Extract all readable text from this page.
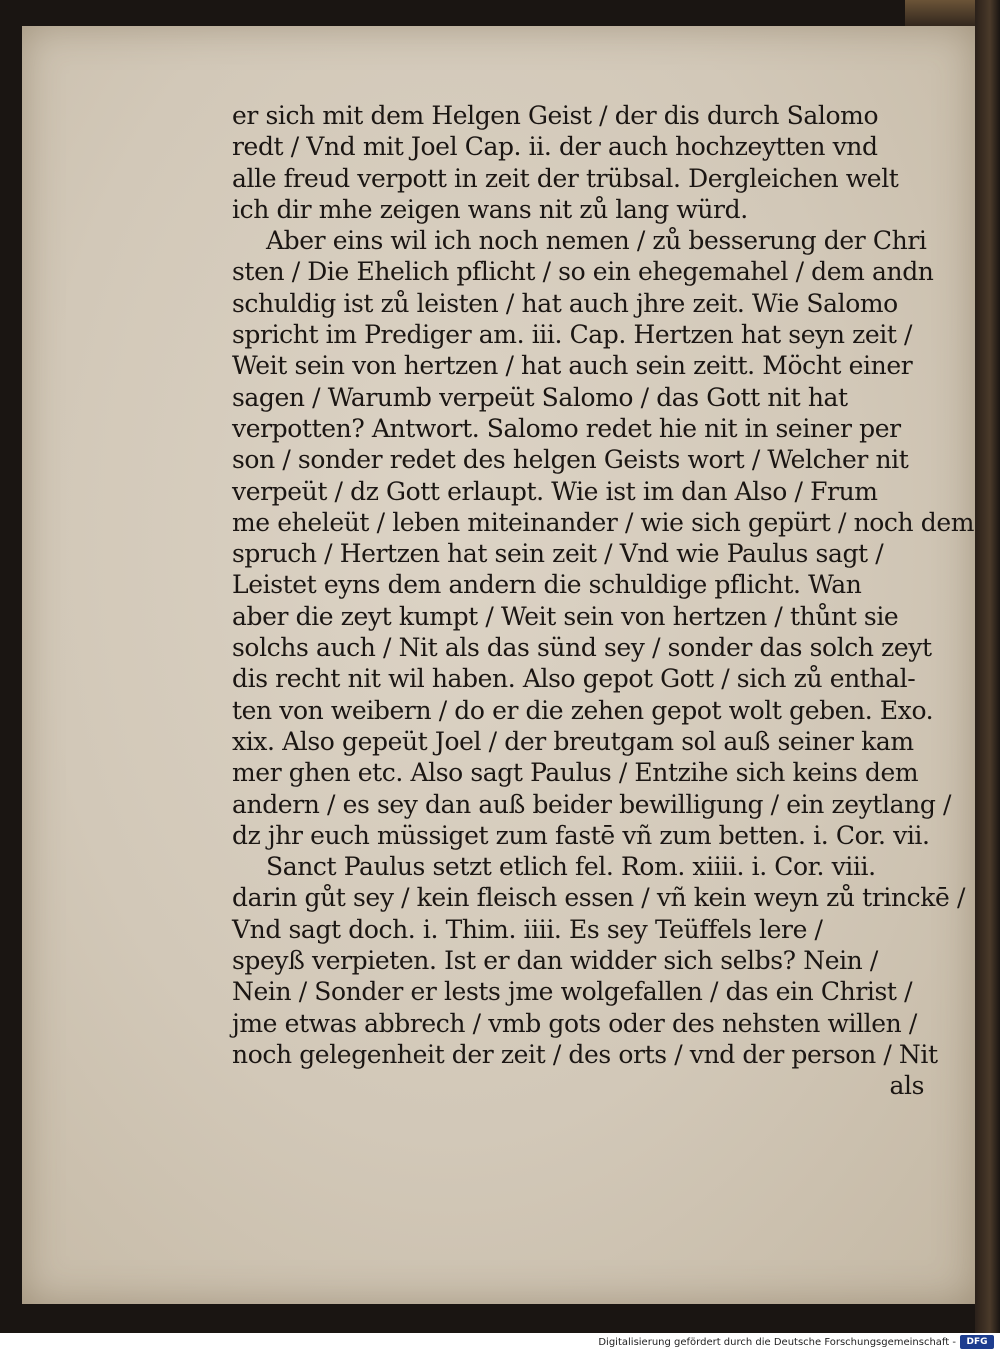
er sich mit dem Helgen Geist / der dis durch Salomo
redt / Vnd mit Joel Cap. ii. der auch hochzeytten vnd
alle freud verpott in zeit der trübsal. Dergleichen welt
ich dir mhe zeigen wans nit zů lang würd.
Aber eins wil ich noch nemen / zů besserung der Chri
sten / Die Ehelich pflicht / so ein ehegemahel / dem andn
schuldig ist zů leisten / hat auch jhre zeit. Wie Salomo
spricht im Prediger am. iii. Cap. Hertzen hat seyn zeit /
Weit sein von hertzen / hat auch sein zeitt. Möcht einer
sagen / Warumb verpeüt Salomo / das Gott nit hat
verpotten? Antwort. Salomo redet hie nit in seiner per
son / sonder redet des helgen Geists wort / Welcher nit
verpeüt / dz Gott erlaupt. Wie ist im dan Also / Frum
me eheleüt / leben miteinander / wie sich gepürt / noch dem
spruch / Hertzen hat sein zeit / Vnd wie Paulus sagt /
Leistet eyns dem andern die schuldige pflicht. Wan
aber die zeyt kumpt / Weit sein von hertzen / thůnt sie
solchs auch / Nit als das sünd sey / sonder das solch zeyt
dis recht nit wil haben. Also gepot Gott / sich zů enthal-
ten von weibern / do er die zehen gepot wolt geben. Exo.
xix. Also gepeüt Joel / der breutgam sol auß seiner kam
mer ghen etc. Also sagt Paulus / Entzihe sich keins dem
andern / es sey dan auß beider bewilligung / ein zeytlang /
dz jhr euch müssiget zum fastē vñ zum betten. i. Cor. vii.
Sanct Paulus setzt etlich fel. Rom. xiiii. i. Cor. viii.
darin gůt sey / kein fleisch essen / vñ kein weyn zů trinckē /
Vnd sagt doch. i. Thim. iiii. Es sey Teüffels lere /
speyß verpieten. Ist er dan widder sich selbs? Nein /
Nein / Sonder er lests jme wolgefallen / das ein Christ /
jme etwas abbrech / vmb gots oder des nehsten willen /
noch gelegenheit der zeit / des orts / vnd der person / Nit
als
Digitalisierung gefördert durch die Deutsche Forschungsgemeinschaft -	DFG
